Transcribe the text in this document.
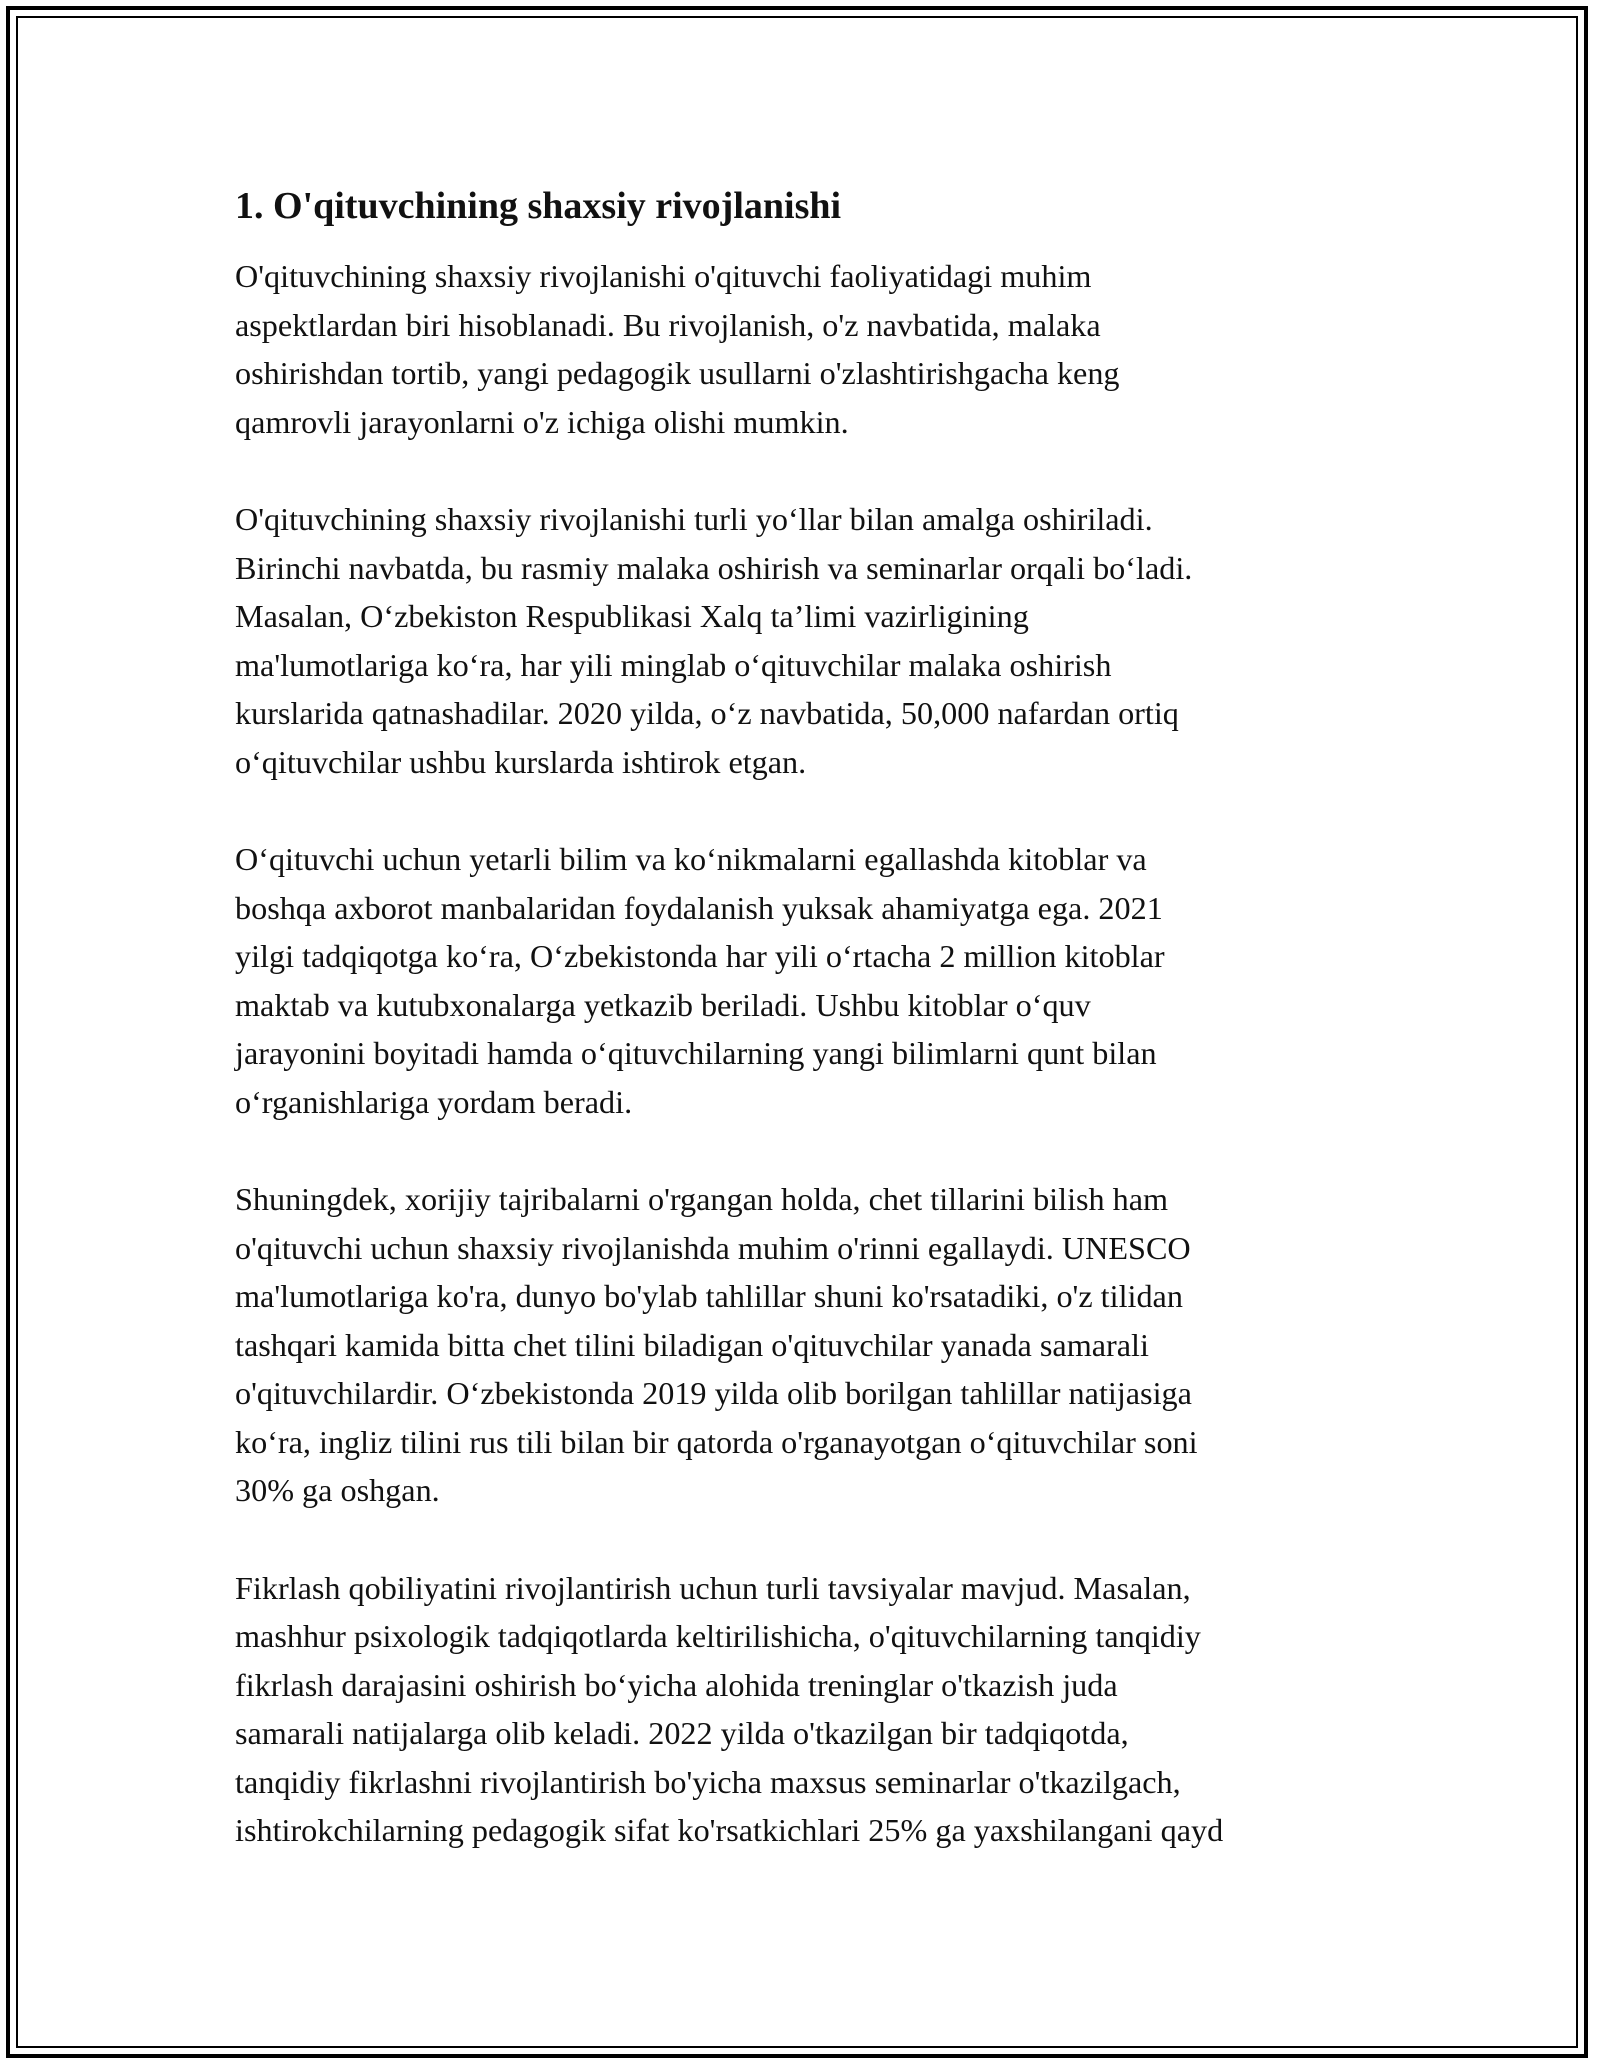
1. O'qituvchining shaxsiy rivojlanishi

O'qituvchining shaxsiy rivojlanishi o'qituvchi faoliyatidagi muhim
aspektlardan biri hisoblanadi. Bu rivojlanish, o'z navbatida, malaka
oshirishdan tortib, yangi pedagogik usullarni o'zlashtirishgacha keng
qamrovli jarayonlarni o'z ichiga olishi mumkin.

O'qituvchining shaxsiy rivojlanishi turli yo‘llar bilan amalga oshiriladi.
Birinchi navbatda, bu rasmiy malaka oshirish va seminarlar orqali bo‘ladi.
Masalan, O‘zbekiston Respublikasi Xalq ta’limi vazirligining
ma'lumotlariga ko‘ra, har yili minglab o‘qituvchilar malaka oshirish
kurslarida qatnashadilar. 2020 yilda, o‘z navbatida, 50,000 nafardan ortiq
o‘qituvchilar ushbu kurslarda ishtirok etgan.

O‘qituvchi uchun yetarli bilim va ko‘nikmalarni egallashda kitoblar va
boshqa axborot manbalaridan foydalanish yuksak ahamiyatga ega. 2021
yilgi tadqiqotga ko‘ra, O‘zbekistonda har yili o‘rtacha 2 million kitoblar
maktab va kutubxonalarga yetkazib beriladi. Ushbu kitoblar o‘quv
jarayonini boyitadi hamda o‘qituvchilarning yangi bilimlarni qunt bilan
o‘rganishlariga yordam beradi.

Shuningdek, xorijiy tajribalarni o'rgangan holda, chet tillarini bilish ham
o'qituvchi uchun shaxsiy rivojlanishda muhim o'rinni egallaydi. UNESCO
ma'lumotlariga ko'ra, dunyo bo'ylab tahlillar shuni ko'rsatadiki, o'z tilidan
tashqari kamida bitta chet tilini biladigan o'qituvchilar yanada samarali
o'qituvchilardir. O‘zbekistonda 2019 yilda olib borilgan tahlillar natijasiga
ko‘ra, ingliz tilini rus tili bilan bir qatorda o'rganayotgan o‘qituvchilar soni
30% ga oshgan.

Fikrlash qobiliyatini rivojlantirish uchun turli tavsiyalar mavjud. Masalan,
mashhur psixologik tadqiqotlarda keltirilishicha, o'qituvchilarning tanqidiy
fikrlash darajasini oshirish bo‘yicha alohida treninglar o'tkazish juda
samarali natijalarga olib keladi. 2022 yilda o'tkazilgan bir tadqiqotda,
tanqidiy fikrlashni rivojlantirish bo'yicha maxsus seminarlar o'tkazilgach,
ishtirokchilarning pedagogik sifat ko'rsatkichlari 25% ga yaxshilangani qayd
